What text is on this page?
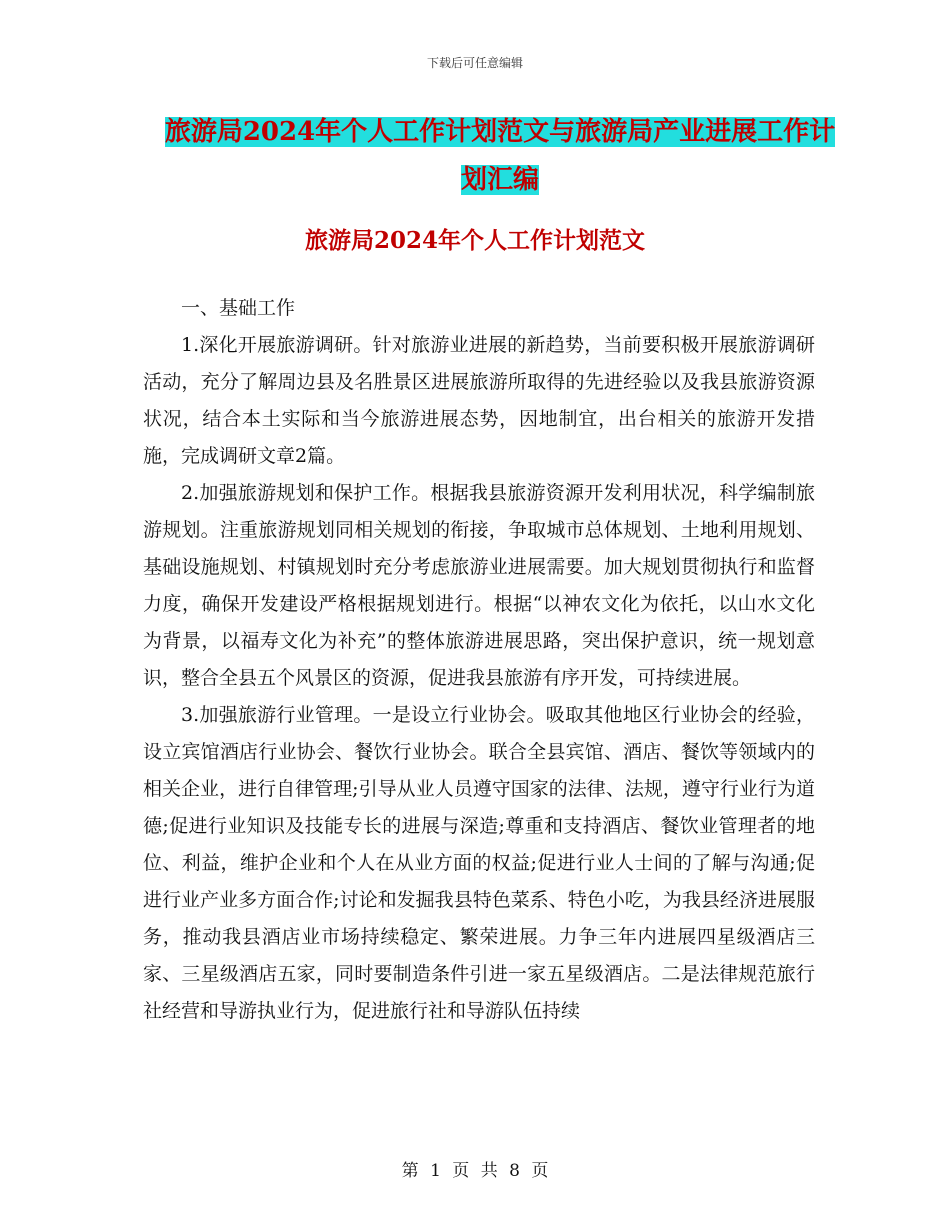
下载后可任意编辑
旅游局2024年个人工作计划范文与旅游局产业进展工作计划汇编
旅游局2024年个人工作计划范文

一、基础工作

1.深化开展旅游调研。针对旅游业进展的新趋势，当前要积极开展旅游调研活动，充分了解周边县及名胜景区进展旅游所取得的先进经验以及我县旅游资源状况，结合本土实际和当今旅游进展态势，因地制宜，出台相关的旅游开发措施，完成调研文章2篇。

2.加强旅游规划和保护工作。根据我县旅游资源开发利用状况，科学编制旅游规划。注重旅游规划同相关规划的衔接，争取城市总体规划、土地利用规划、基础设施规划、村镇规划时充分考虑旅游业进展需要。加大规划贯彻执行和监督力度，确保开发建设严格根据规划进行。根据“以神农文化为依托，以山水文化为背景，以福寿文化为补充”的整体旅游进展思路，突出保护意识，统一规划意识，整合全县五个风景区的资源，促进我县旅游有序开发，可持续进展。

3.加强旅游行业管理。一是设立行业协会。吸取其他地区行业协会的经验，设立宾馆酒店行业协会、餐饮行业协会。联合全县宾馆、酒店、餐饮等领域内的相关企业，进行自律管理;引导从业人员遵守国家的法律、法规，遵守行业行为道德;促进行业知识及技能专长的进展与深造;尊重和支持酒店、餐饮业管理者的地位、利益，维护企业和个人在从业方面的权益;促进行业人士间的了解与沟通;促进行业产业多方面合作;讨论和发掘我县特色菜系、特色小吃，为我县经济进展服务，推动我县酒店业市场持续稳定、繁荣进展。力争三年内进展四星级酒店三家、三星级酒店五家，同时要制造条件引进一家五星级酒店。二是法律规范旅行社经营和导游执业行为，促进旅行社和导游队伍持续

第 1 页 共 8 页
